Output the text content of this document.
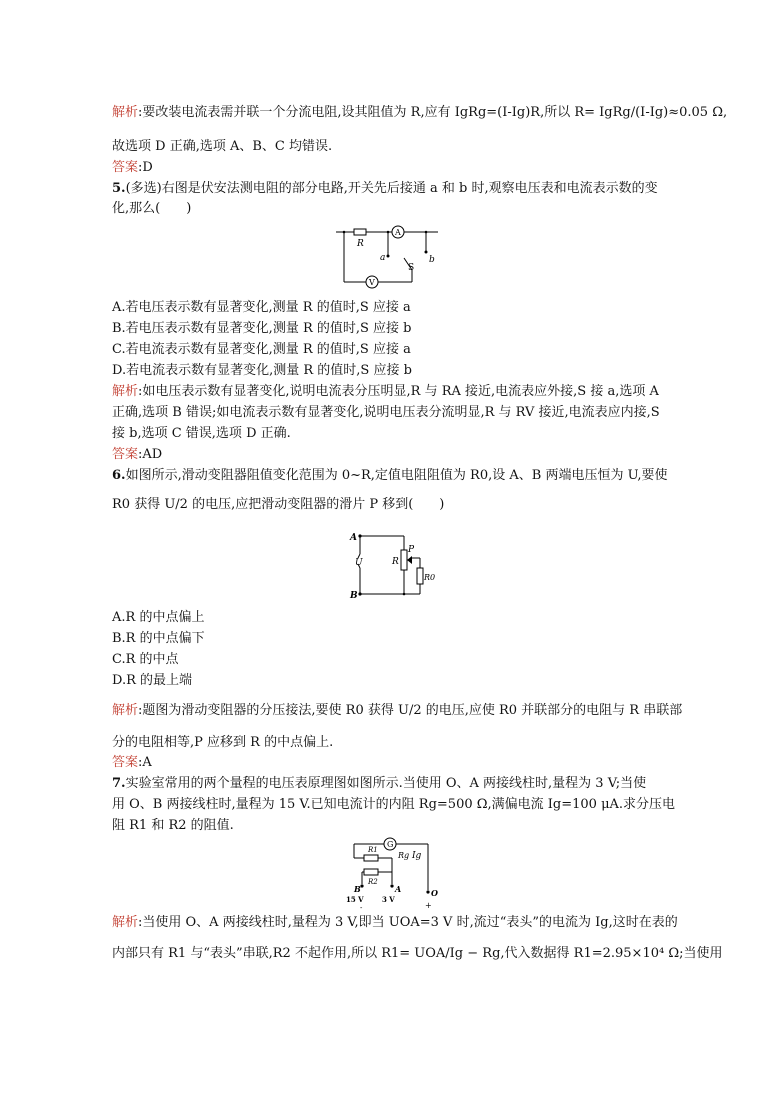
解析:要改装电流表需并联一个分流电阻,设其阻值为 R,应有 IgRg=(I-Ig)R,所以 R= IgRg/(I-Ig)≈0.05 Ω,
故选项 D 正确,选项 A、B、C 均错误.
答案:D
5.(多选)右图是伏安法测电阻的部分电路,开关先后接通 a 和 b 时,观察电压表和电流表示数的变
化,那么(　　)
R
A
V
a	b
S
A.若电压表示数有显著变化,测量 R 的值时,S 应接 a
B.若电压表示数有显著变化,测量 R 的值时,S 应接 b
C.若电流表示数有显著变化,测量 R 的值时,S 应接 a
D.若电流表示数有显著变化,测量 R 的值时,S 应接 b
解析:如电压表示数有显著变化,说明电流表分压明显,R 与 RA 接近,电流表应外接,S 接 a,选项 A
正确,选项 B 错误;如电流表示数有显著变化,说明电压表分流明显,R 与 RV 接近,电流表应内接,S
接 b,选项 C 错误,选项 D 正确.
答案:AD
6.如图所示,滑动变阻器阻值变化范围为 0~R,定值电阻阻值为 R0,设 A、B 两端电压恒为 U,要使
R0 获得 U/2 的电压,应把滑动变阻器的滑片 P 移到(　　)
A
B
U	R
P
R0
A.R 的中点偏上
B.R 的中点偏下
C.R 的中点
D.R 的最上端
解析:题图为滑动变阻器的分压接法,要使 R0 获得 U/2 的电压,应使 R0 并联部分的电阻与 R 串联部
分的电阻相等,P 应移到 R 的中点偏上.
答案:A
7.实验室常用的两个量程的电压表原理图如图所示.当使用 O、A 两接线柱时,量程为 3 V;当使
用 O、B 两接线柱时,量程为 15 V.已知电流计的内阻 Rg=500 Ω,满偏电流 Ig=100 μA.求分压电
阻 R1 和 R2 的阻值.
G
Rg Ig
R1
R2
B	A	O
15 V	3 V
-	+
解析:当使用 O、A 两接线柱时,量程为 3 V,即当 UOA=3 V 时,流过“表头”的电流为 Ig,这时在表的
内部只有 R1 与“表头”串联,R2 不起作用,所以 R1= UOA/Ig − Rg,代入数据得 R1=2.95×10⁴ Ω;当使用
